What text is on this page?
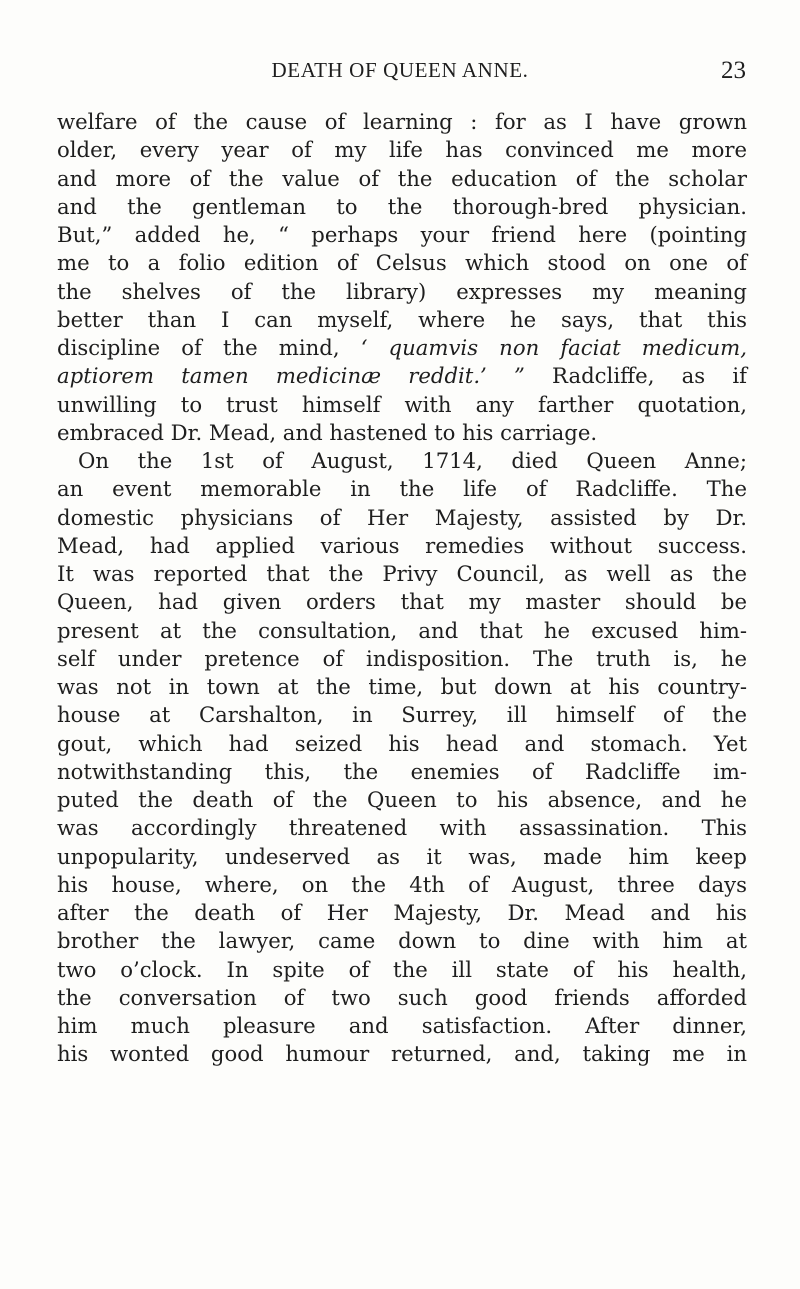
DEATH OF QUEEN ANNE.	23
welfare of the cause of learning : for as I have grown
older, every year of my life has convinced me more
and more of the value of the education of the scholar
and the gentleman to the thorough-bred physician.
But,” added he, “ perhaps your friend here (pointing
me to a folio edition of Celsus which stood on one of
the shelves of the library) expresses my meaning
better than I can myself, where he says, that this
discipline of the mind, ‘ quamvis non faciat medicum,
aptiorem tamen medicinæ reddit.’ ” Radcliffe, as if
unwilling to trust himself with any farther quotation,
embraced Dr. Mead, and hastened to his carriage.
On the 1st of August, 1714, died Queen Anne;
an event memorable in the life of Radcliffe. The
domestic physicians of Her Majesty, assisted by Dr.
Mead, had applied various remedies without success.
It was reported that the Privy Council, as well as the
Queen, had given orders that my master should be
present at the consultation, and that he excused him-
self under pretence of indisposition. The truth is, he
was not in town at the time, but down at his country-
house at Carshalton, in Surrey, ill himself of the
gout, which had seized his head and stomach. Yet
notwithstanding this, the enemies of Radcliffe im-
puted the death of the Queen to his absence, and he
was accordingly threatened with assassination. This
unpopularity, undeserved as it was, made him keep
his house, where, on the 4th of August, three days
after the death of Her Majesty, Dr. Mead and his
brother the lawyer, came down to dine with him at
two o’clock. In spite of the ill state of his health,
the conversation of two such good friends afforded
him much pleasure and satisfaction. After dinner,
his wonted good humour returned, and, taking me in
